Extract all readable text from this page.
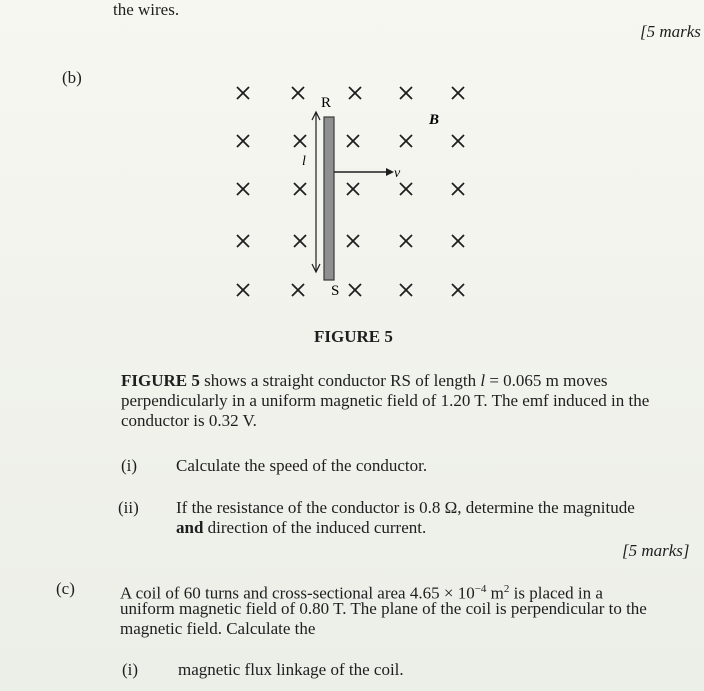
the wires.
[5 marks
(b)
R
S
B
l
v
FIGURE 5
FIGURE 5 shows a straight conductor RS of length l = 0.065 m moves
perpendicularly in a uniform magnetic field of 1.20 T. The emf induced in the
conductor is 0.32 V.
(i) Calculate the speed of the conductor.
(ii) If the resistance of the conductor is 0.8 Ω, determine the magnitude
and direction of the induced current.
[5 marks]
(c)	A coil of 60 turns and cross-sectional area $4.65 \times 10^{-4}$ $m^2$ is placed in a
uniform magnetic field of 0.80 T. The plane of the coil is perpendicular to the
magnetic field. Calculate the
(i) magnetic flux linkage of the coil.
